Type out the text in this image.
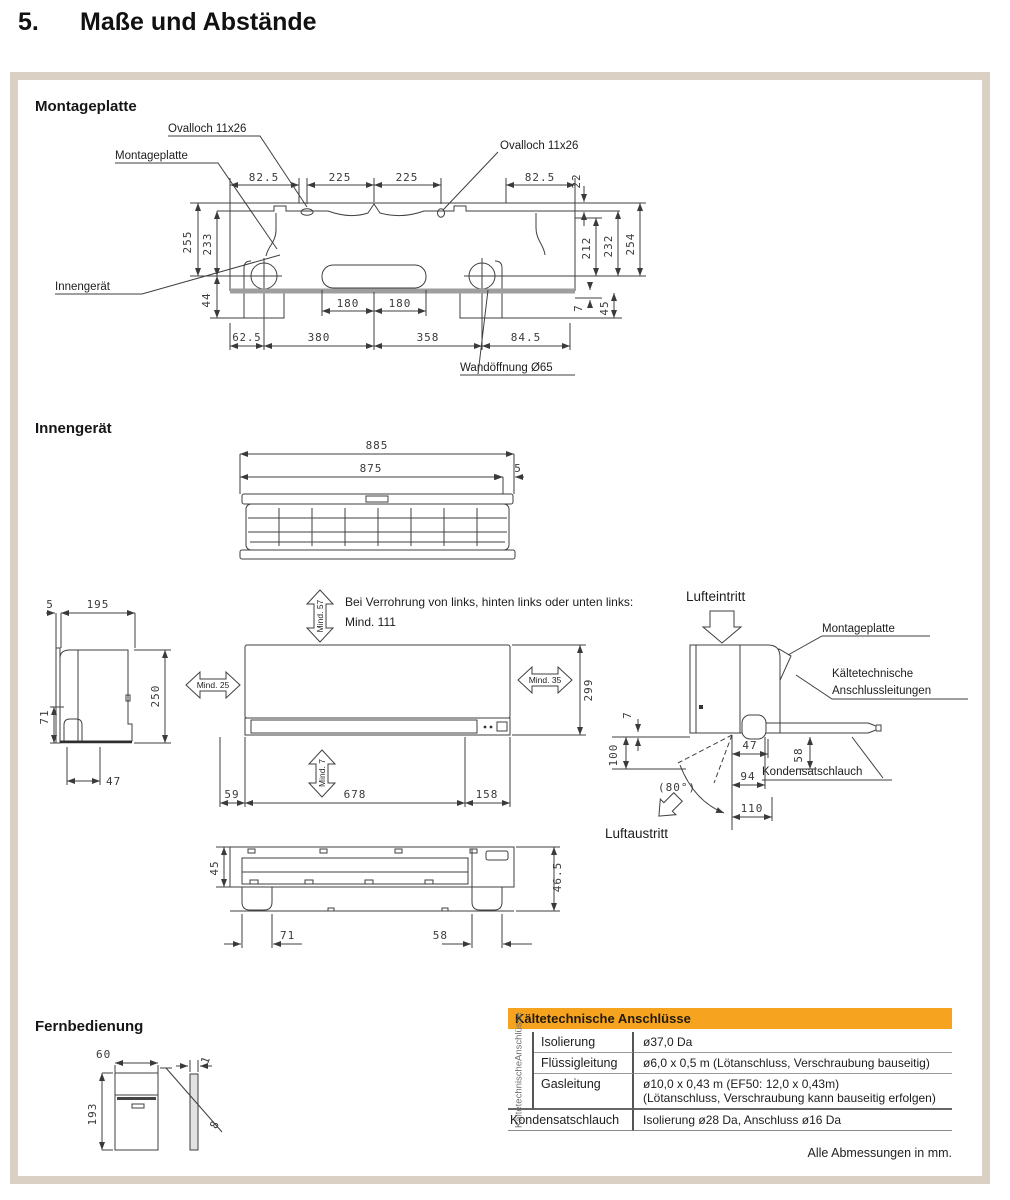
5. Maße und Abstände
Montageplatte
Innengerät
Fernbedienung
82.5	225	225	82.5 22
255 233
44
212 232 254
7 45
180	180
62.5	380	358	84.5
Ovalloch 11x26
Ovalloch 11x26
Montageplatte
Innengerät
Wandöffnung Ø65
885
875	5
5	195
71
250
47
Mind. 57 Bei Verrohrung von links, hinten links oder unten links:
Mind. 111
Mind. 25	Mind. 35
Mind. 7
299
59	678	158
Lufteintritt
Montageplatte
Kältetechnische
Anschlussleitungen
Kondensatschlauch
7
100
(80°)
47
94
110
58
Luftaustritt
45	46.5
71	58
60
193
1
8
Kältetechnische Anschlüsse
Kältetechnische
Anschlüsse	Isolierung	ø37,0 Da
Flüssigleitung	ø6,0 x 0,5 m (Lötanschluss, Verschraubung bauseitig)
Gasleitung	ø10,0 x 0,43 m (EF50: 12,0 x 0,43m)
(Lötanschluss, Verschraubung kann bauseitig erfolgen)
Kondensatschlauch	Isolierung ø28 Da, Anschluss ø16 Da
Alle Abmessungen in mm.
